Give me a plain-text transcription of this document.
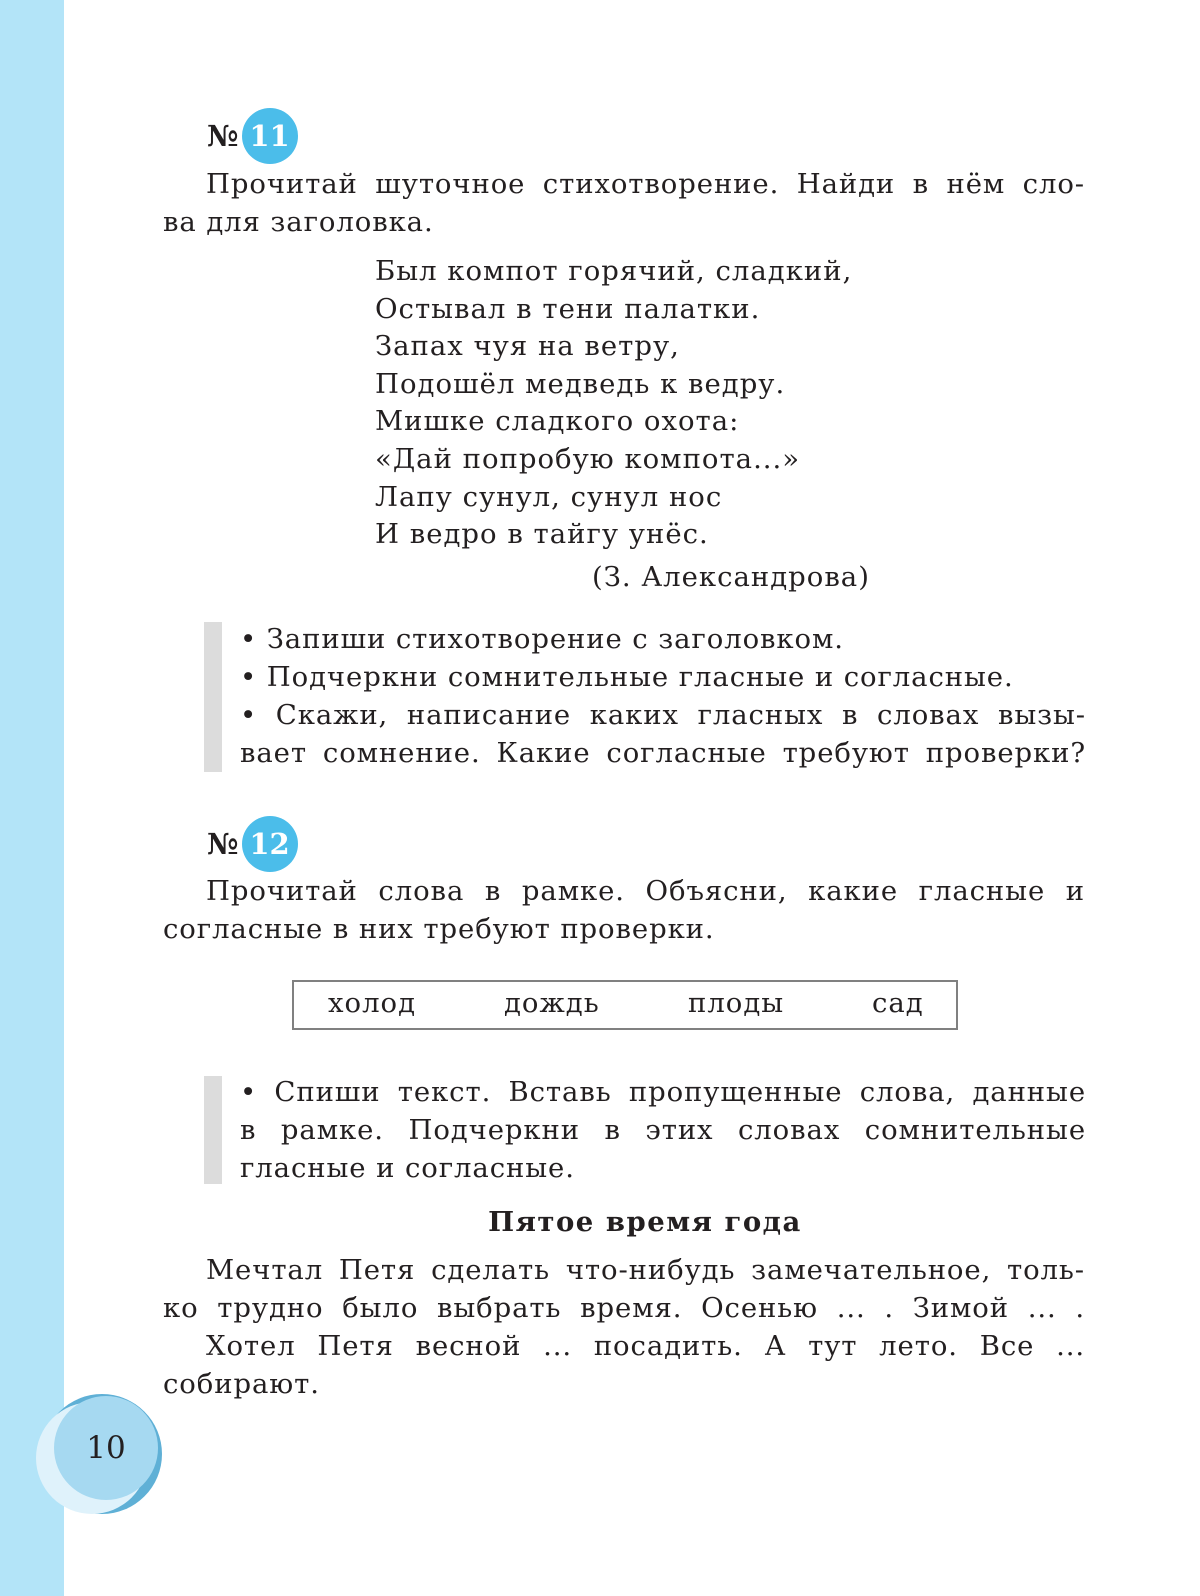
№ 11
Прочитай шуточное стихотворение. Найди в нём сло-
ва для заголовка.
Был компот горячий, сладкий,
Остывал в тени палатки.
Запах чуя на ветру,
Подошёл медведь к ведру.
Мишке сладкого охота:
«Дай попробую компота...»
Лапу сунул, сунул нос
И ведро в тайгу унёс.
(З. Александрова)
• Запиши стихотворение с заголовком.
• Подчеркни сомнительные гласные и согласные.
• Скажи, написание каких гласных в словах вызы-
вает сомнение. Какие согласные требуют проверки?
№ 12
Прочитай слова в рамке. Объясни, какие гласные и
согласные в них требуют проверки.
холод	дождь	плоды	сад
• Спиши текст. Вставь пропущенные слова, данные
в рамке. Подчеркни в этих словах сомнительные
гласные и согласные.
Пятое время года
Мечтал Петя сделать что-нибудь замечательное, толь-
ко трудно было выбрать время. Осенью ... . Зимой ... .
Хотел Петя весной ... посадить. А тут лето. Все ...
собирают.
10
